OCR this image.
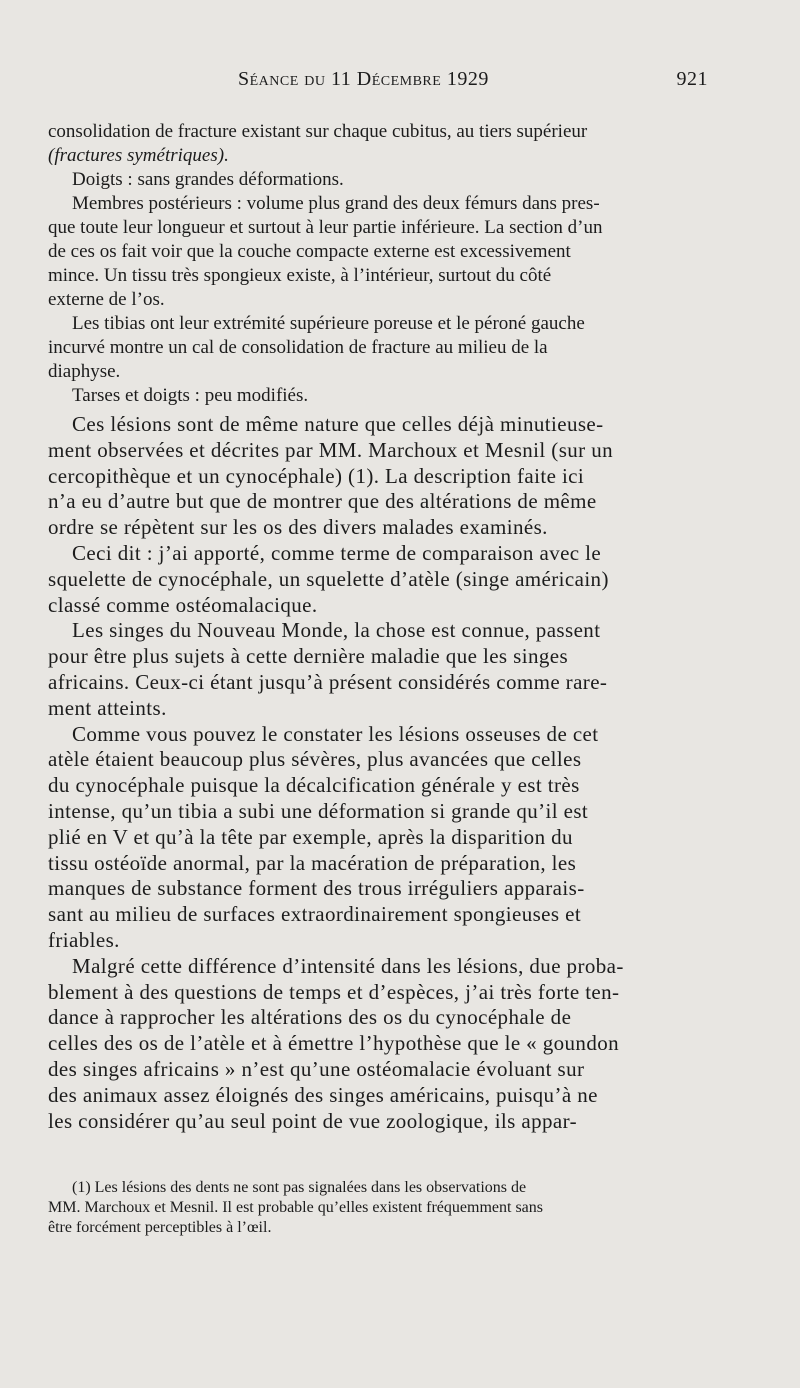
Séance du 11 Décembre 1929	921
consolidation de fracture existant sur chaque cubitus, au tiers supérieur
(fractures symétriques).
Doigts : sans grandes déformations.
Membres postérieurs : volume plus grand des deux fémurs dans pres-
que toute leur longueur et surtout à leur partie inférieure. La section d’un
de ces os fait voir que la couche compacte externe est excessivement
mince. Un tissu très spongieux existe, à l’intérieur, surtout du côté
externe de l’os.
Les tibias ont leur extrémité supérieure poreuse et le péroné gauche
incurvé montre un cal de consolidation de fracture au milieu de la
diaphyse.
Tarses et doigts : peu modifiés.
Ces lésions sont de même nature que celles déjà minutieuse-
ment observées et décrites par MM. Marchoux et Mesnil (sur un
cercopithèque et un cynocéphale) (1). La description faite ici
n’a eu d’autre but que de montrer que des altérations de même
ordre se répètent sur les os des divers malades examinés.
Ceci dit : j’ai apporté, comme terme de comparaison avec le
squelette de cynocéphale, un squelette d’atèle (singe américain)
classé comme ostéomalacique.
Les singes du Nouveau Monde, la chose est connue, passent
pour être plus sujets à cette dernière maladie que les singes
africains. Ceux-ci étant jusqu’à présent considérés comme rare-
ment atteints.
Comme vous pouvez le constater les lésions osseuses de cet
atèle étaient beaucoup plus sévères, plus avancées que celles
du cynocéphale puisque la décalcification générale y est très
intense, qu’un tibia a subi une déformation si grande qu’il est
plié en V et qu’à la tête par exemple, après la disparition du
tissu ostéoïde anormal, par la macération de préparation, les
manques de substance forment des trous irréguliers apparais-
sant au milieu de surfaces extraordinairement spongieuses et
friables.
Malgré cette différence d’intensité dans les lésions, due proba-
blement à des questions de temps et d’espèces, j’ai très forte ten-
dance à rapprocher les altérations des os du cynocéphale de
celles des os de l’atèle et à émettre l’hypothèse que le « goundon
des singes africains » n’est qu’une ostéomalacie évoluant sur
des animaux assez éloignés des singes américains, puisqu’à ne
les considérer qu’au seul point de vue zoologique, ils appar-
(1) Les lésions des dents ne sont pas signalées dans les observations de
MM. Marchoux et Mesnil. Il est probable qu’elles existent fréquemment sans
être forcément perceptibles à l’œil.
